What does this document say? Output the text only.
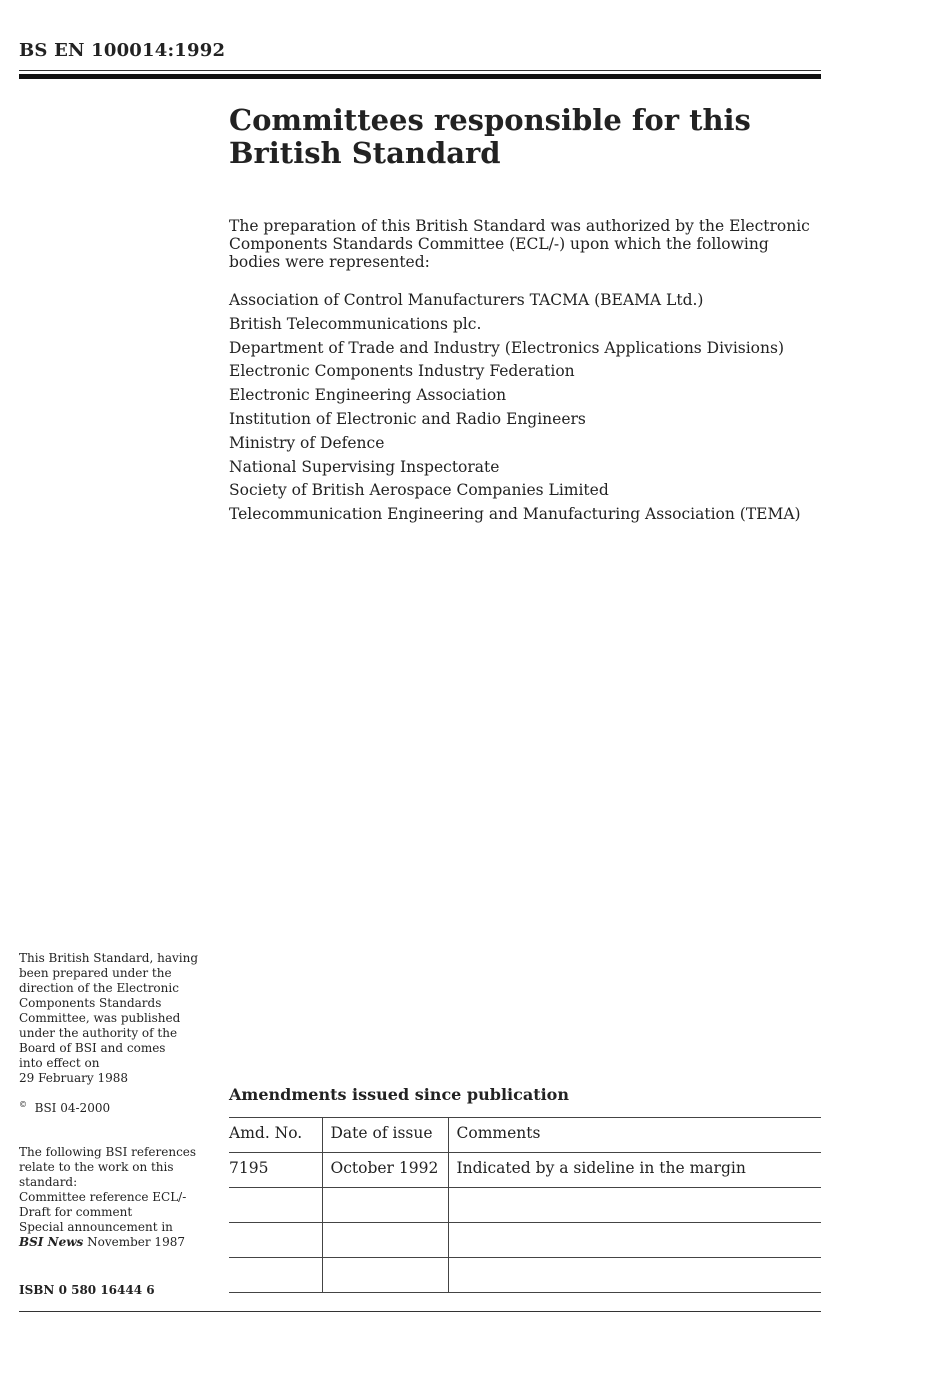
BS EN 100014:1992
Committees responsible for this
British Standard

The preparation of this British Standard was authorized by the Electronic Components Standards Committee (ECL/-) upon which the following bodies were represented:

Association of Control Manufacturers TACMA (BEAMA Ltd.)
British Telecommunications plc.
Department of Trade and Industry (Electronics Applications Divisions)
Electronic Components Industry Federation
Electronic Engineering Association
Institution of Electronic and Radio Engineers
Ministry of Defence
National Supervising Inspectorate
Society of British Aerospace Companies Limited
Telecommunication Engineering and Manufacturing Association (TEMA)

This British Standard, having

been prepared under the

direction of the Electronic

Components Standards

Committee, was published

under the authority of the

Board of BSI and comes

into effect on

29 February 1988

© BSI 04-2000

The following BSI references

relate to the work on this

standard:

Committee reference ECL/-

Draft for comment

Special announcement in

BSI News November 1987

ISBN 0 580 16444 6
Amendments issued since publication
Amd. No.	Date of issue	Comments
7195	October 1992	Indicated by a sideline in the margin
